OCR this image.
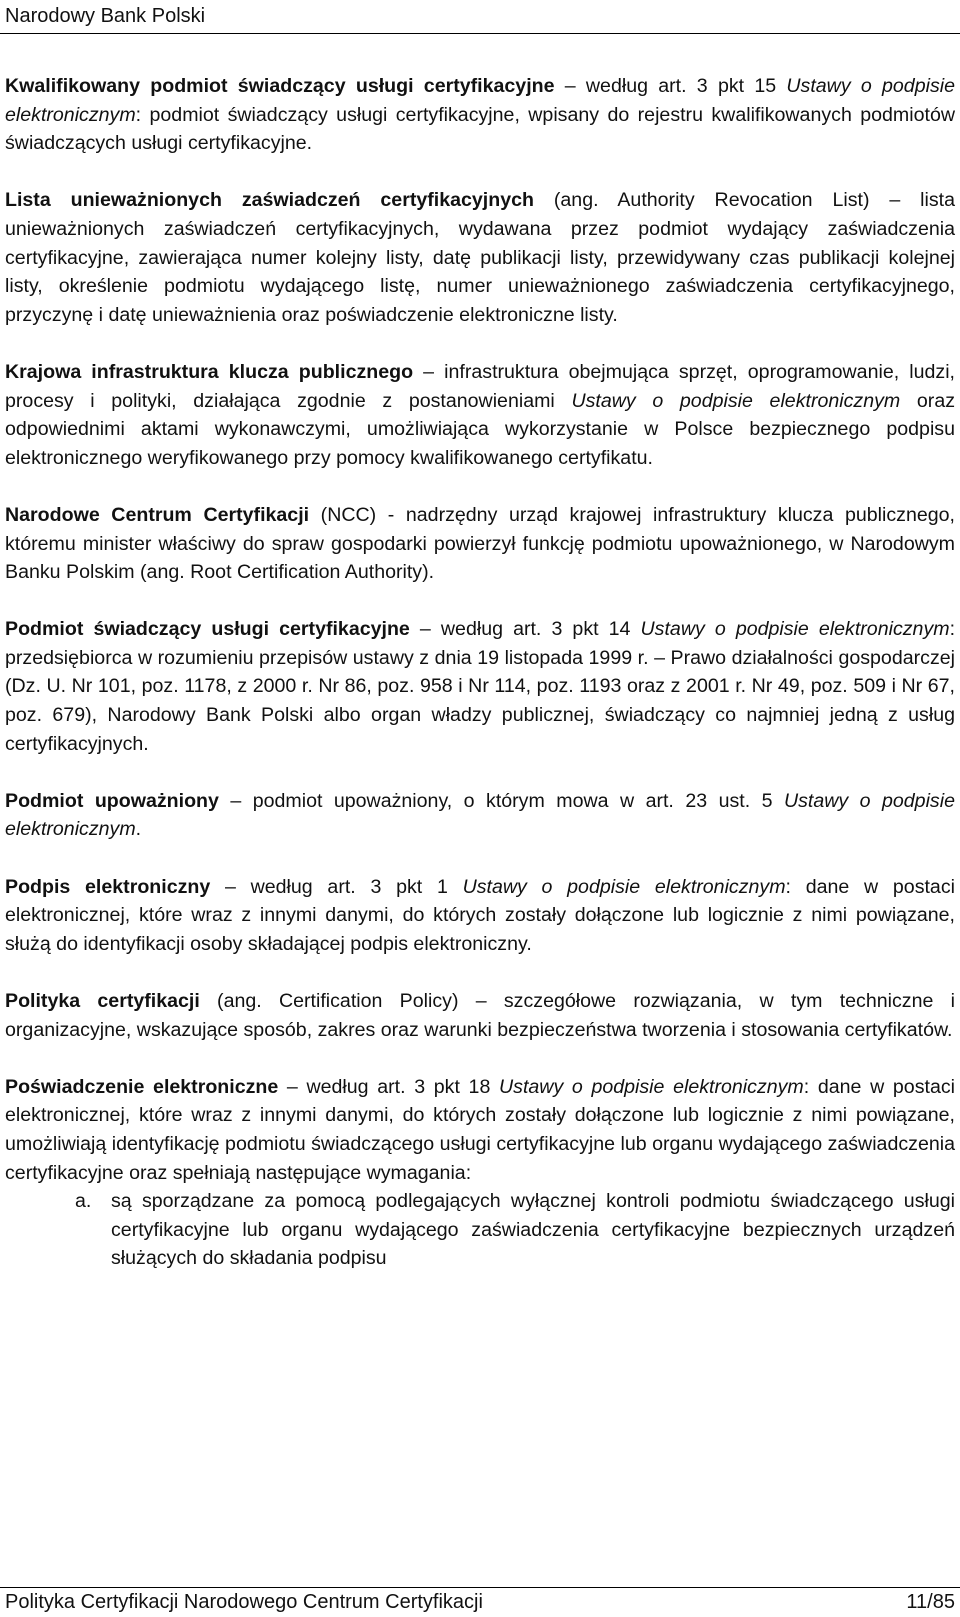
Narodowy Bank Polski

Kwalifikowany podmiot świadczący usługi certyfikacyjne – według art. 3 pkt 15 Ustawy o podpisie elektronicznym: podmiot świadczący usługi certyfikacyjne, wpisany do rejestru kwalifikowanych podmiotów świadczących usługi certyfikacyjne.

Lista unieważnionych zaświadczeń certyfikacyjnych (ang. Authority Revocation List) – lista unieważnionych zaświadczeń certyfikacyjnych, wydawana przez podmiot wydający zaświadczenia certyfikacyjne, zawierająca numer kolejny listy, datę publikacji listy, przewidywany czas publikacji kolejnej listy, określenie podmiotu wydającego listę, numer unieważnionego zaświadczenia certyfikacyjnego, przyczynę i datę unieważnienia oraz poświadczenie elektroniczne listy.

Krajowa infrastruktura klucza publicznego – infrastruktura obejmująca sprzęt, oprogramowanie, ludzi, procesy i polityki, działająca zgodnie z postanowieniami Ustawy o podpisie elektronicznym oraz odpowiednimi aktami wykonawczymi, umożliwiająca wykorzystanie w Polsce bezpiecznego podpisu elektronicznego weryfikowanego przy pomocy kwalifikowanego certyfikatu.

Narodowe Centrum Certyfikacji (NCC) - nadrzędny urząd krajowej infrastruktury klucza publicznego, któremu minister właściwy do spraw gospodarki powierzył funkcję podmiotu upoważnionego, w Narodowym Banku Polskim (ang. Root Certification Authority).

Podmiot świadczący usługi certyfikacyjne – według art. 3 pkt 14 Ustawy o podpisie elektronicznym: przedsiębiorca w rozumieniu przepisów ustawy z dnia 19 listopada 1999 r. – Prawo działalności gospodarczej (Dz. U. Nr 101, poz. 1178, z 2000 r. Nr 86, poz. 958 i Nr 114, poz. 1193 oraz z 2001 r. Nr 49, poz. 509 i Nr 67, poz. 679), Narodowy Bank Polski albo organ władzy publicznej, świadczący co najmniej jedną z usług certyfikacyjnych.

Podmiot upoważniony – podmiot upoważniony, o którym mowa w art. 23 ust. 5 Ustawy o podpisie elektronicznym.

Podpis elektroniczny – według art. 3 pkt 1 Ustawy o podpisie elektronicznym: dane w postaci elektronicznej, które wraz z innymi danymi, do których zostały dołączone lub logicznie z nimi powiązane, służą do identyfikacji osoby składającej podpis elektroniczny.

Polityka certyfikacji (ang. Certification Policy) – szczegółowe rozwiązania, w tym techniczne i organizacyjne, wskazujące sposób, zakres oraz warunki bezpieczeństwa tworzenia i stosowania certyfikatów.

Poświadczenie elektroniczne – według art. 3 pkt 18 Ustawy o podpisie elektronicznym: dane w postaci elektronicznej, które wraz z innymi danymi, do których zostały dołączone lub logicznie z nimi powiązane, umożliwiają identyfikację podmiotu świadczącego usługi certyfikacyjne lub organu wydającego zaświadczenia certyfikacyjne oraz spełniają następujące wymagania:

a. są sporządzane za pomocą podlegających wyłącznej kontroli podmiotu świadczącego usługi certyfikacyjne lub organu wydającego zaświadczenia certyfikacyjne bezpiecznych urządzeń służących do składania podpisu
Polityka Certyfikacji Narodowego Centrum Certyfikacji	11/85
